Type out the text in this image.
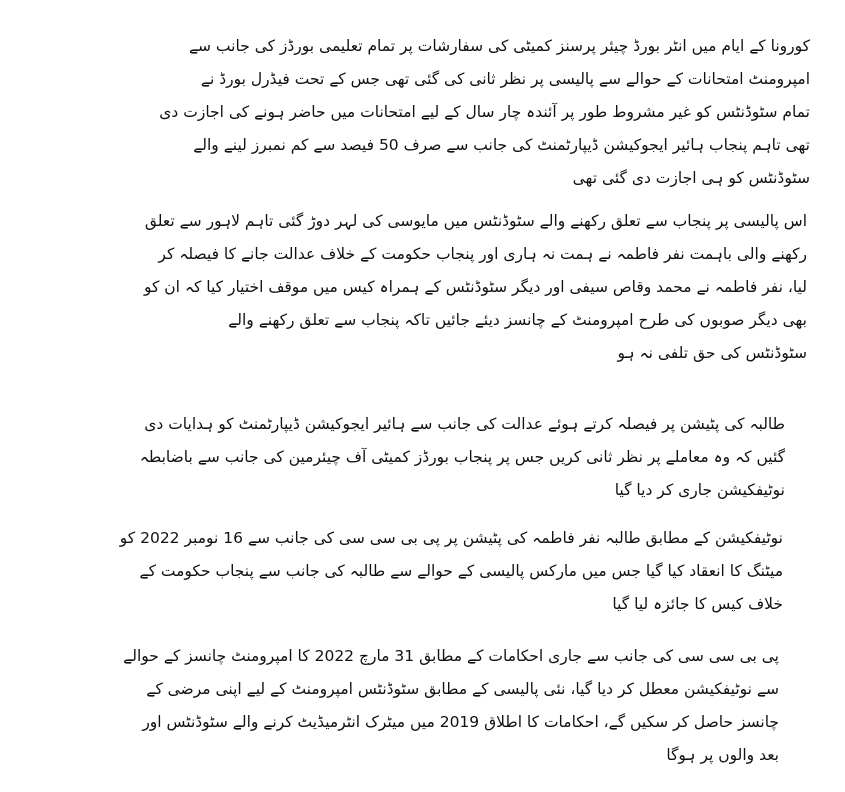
کورونا کے ایام میں انٹر بورڈ چیئر پرسنز کمیٹی کی سفارشات پر تمام تعلیمی بورڈز کی جانب سے
امپرومنٹ امتحانات کے حوالے سے پالیسی پر نظر ثانی کی گئی تھی جس کے تحت فیڈرل بورڈ نے
تمام سٹوڈنٹس کو غیر مشروط طور پر آئندہ چار سال کے لیے امتحانات میں حاضر ہونے کی اجازت دی
تھی تاہم پنجاب ہائیر ایجوکیشن ڈیپارٹمنٹ کی جانب سے صرف 50 فیصد سے کم نمبرز لینے والے
سٹوڈنٹس کو ہی اجازت دی گئی تھی
اس پالیسی پر پنجاب سے تعلق رکھنے والے سٹوڈنٹس میں مایوسی کی لہر دوڑ گئی تاہم لاہور سے تعلق
رکھنے والی باہمت نفر فاطمہ نے ہمت نہ ہاری اور پنجاب حکومت کے خلاف عدالت جانے کا فیصلہ کر
لیا، نفر فاطمہ نے محمد وقاص سیفی اور دیگر سٹوڈنٹس کے ہمراہ کیس میں موقف اختیار کیا کہ ان کو
بھی دیگر صوبوں کی طرح امپرومنٹ کے چانسز دیئے جائیں تاکہ پنجاب سے تعلق رکھنے والے
سٹوڈنٹس کی حق تلفی نہ ہو
طالبہ کی پٹیشن پر فیصلہ کرتے ہوئے عدالت کی جانب سے ہائیر ایجوکیشن ڈیپارٹمنٹ کو ہدایات دی
گئیں کہ وہ معاملے پر نظر ثانی کریں جس پر پنجاب بورڈز کمیٹی آف چیئرمین کی جانب سے باضابطہ
نوٹیفکیشن جاری کر دیا گیا
نوٹیفکیشن کے مطابق طالبہ نفر فاطمہ کی پٹیشن پر پی بی سی سی کی جانب سے 16 نومبر 2022 کو
میٹنگ کا انعقاد کیا گیا جس میں مارکس پالیسی کے حوالے سے طالبہ کی جانب سے پنجاب حکومت کے
خلاف کیس کا جائزہ لیا گیا
پی بی سی سی کی جانب سے جاری احکامات کے مطابق 31 مارچ 2022 کا امپرومنٹ چانسز کے حوالے
سے نوٹیفکیشن معطل کر دیا گیا، نئی پالیسی کے مطابق سٹوڈنٹس امپرومنٹ کے لیے اپنی مرضی کے
چانسز حاصل کر سکیں گے، احکامات کا اطلاق 2019 میں میٹرک انٹرمیڈیٹ کرنے والے سٹوڈنٹس اور
بعد والوں پر ہوگا
